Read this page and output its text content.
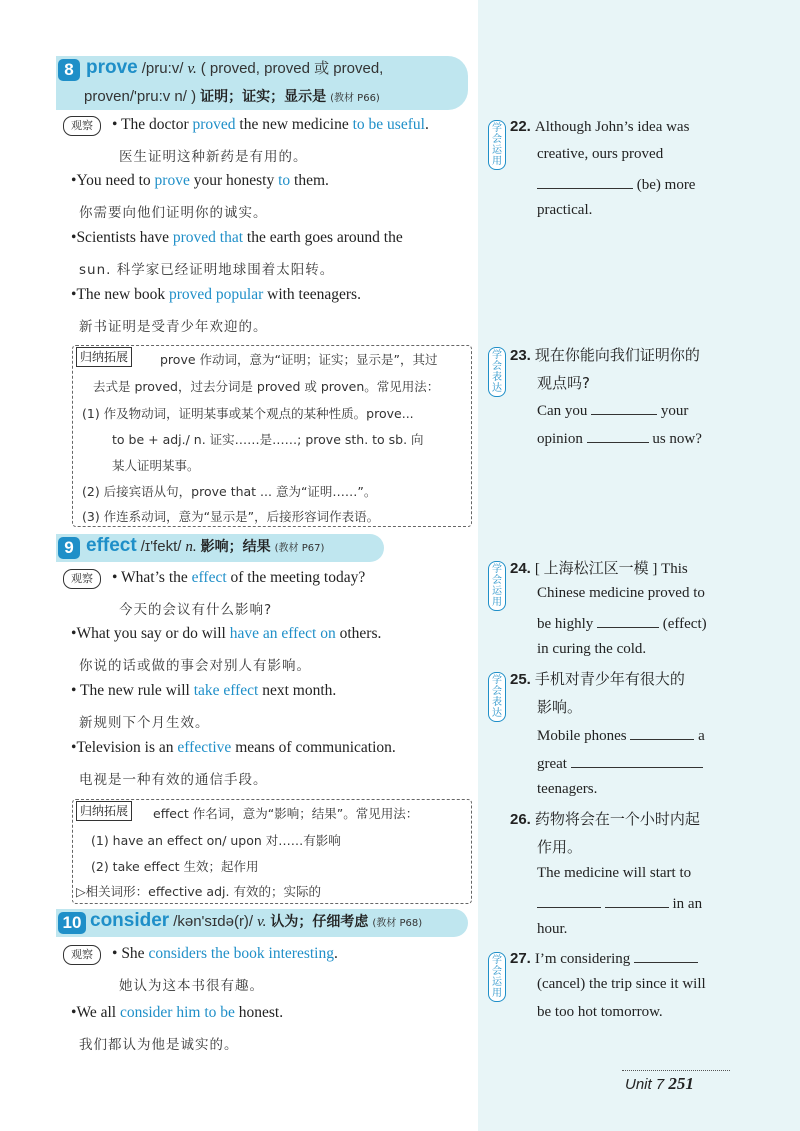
8 prove /pru:v/ v. ( proved, proved 或 proved,
proven/'pru:v n/ ) 证明；证实；显示是 (教材 P66)
观察	• The doctor proved the new medicine to be useful.
医生证明这种新药是有用的。
•You need to prove your honesty to them.
你需要向他们证明你的诚实。
•Scientists have proved that the earth goes around the
sun. 科学家已经证明地球围着太阳转。
•The new book proved popular with teenagers.
新书证明是受青少年欢迎的。
归纳拓展	prove 作动词，意为“证明；证实；显示是”，其过
去式是 proved，过去分词是 proved 或 proven。常见用法：
(1) 作及物动词，证明某事或某个观点的某种性质。prove...
to be + adj./ n. 证实……是……; prove sth. to sb. 向
某人证明某事。
(2) 后接宾语从句，prove that ... 意为“证明……”。
(3) 作连系动词，意为“显示是”，后接形容词作表语。
9 effect /ɪ'fekt/ n. 影响；结果 (教材 P67)
观察	• What’s the effect of the meeting today?
今天的会议有什么影响?
•What you say or do will have an effect on others.
你说的话或做的事会对别人有影响。
• The new rule will take effect next month.
新规则下个月生效。
•Television is an effective means of communication.
电视是一种有效的通信手段。
归纳拓展	effect 作名词，意为“影响；结果”。常见用法：
(1) have an effect on/ upon 对……有影响
(2) take effect 生效；起作用
▷相关词形：effective adj. 有效的；实际的
10 consider /kən'sɪdə(r)/ v. 认为；仔细考虑 (教材 P68)
观察	• She considers the book interesting.
她认为这本书很有趣。
•We all consider him to be honest.
我们都认为他是诚实的。
学会运用
22. Although John’s idea was
creative, ours proved
(be) more
practical.
学会表达
23. 现在你能向我们证明你的
观点吗?
Can you	your
opinion	us now?
学会运用
24. [ 上海松江区一模 ] This
Chinese medicine proved to
be highly	(effect)
in curing the cold.
学会表达
25. 手机对青少年有很大的
影响。
Mobile phones	a
great
teenagers.
26. 药物将会在一个小时内起
作用。
The medicine will start to
in an
hour.
学会运用
27. I’m considering
(cancel) the trip since it will
be too hot tomorrow.
Unit 7 251
